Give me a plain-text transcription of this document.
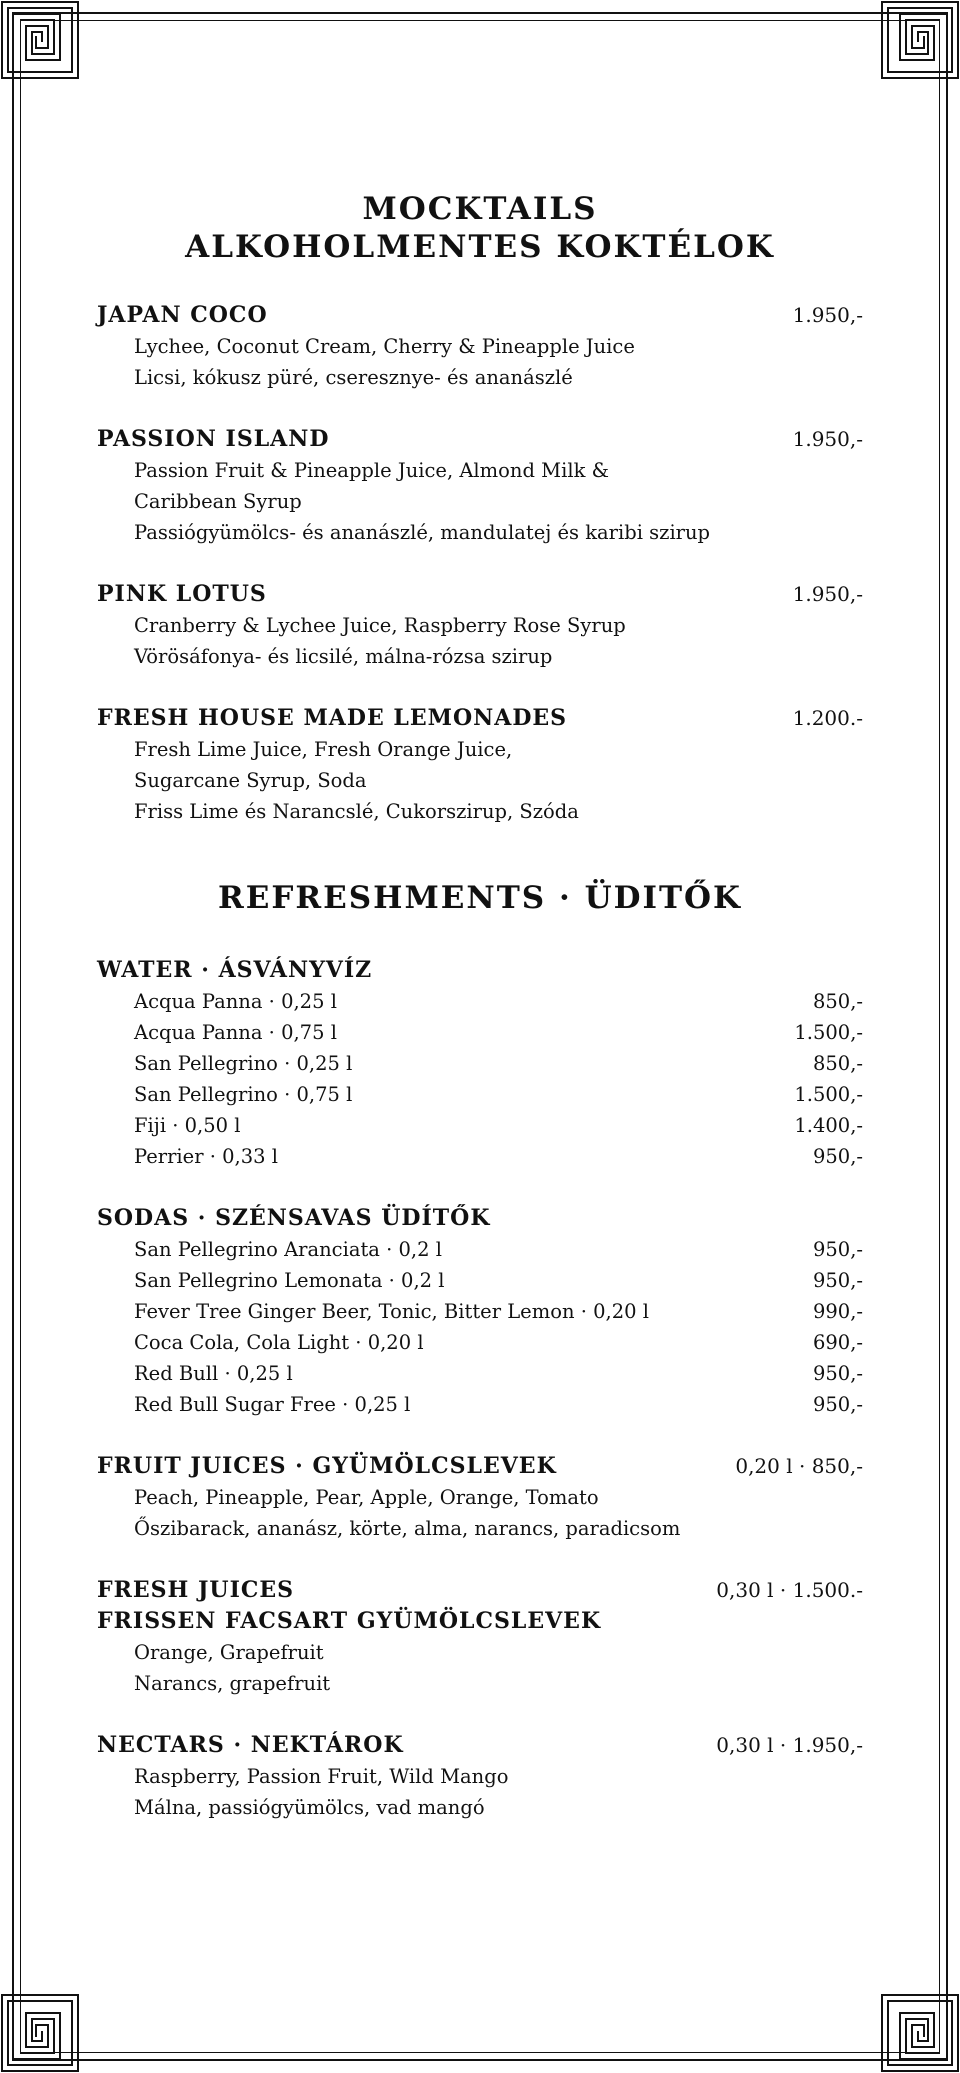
MOCKTAILS
ALKOHOLMENTES KOKTÉLOK
JAPAN COCO	1.950,-
Lychee, Coconut Cream, Cherry & Pineapple Juice
Licsi, kókusz püré, cseresznye- és ananászlé
PASSION ISLAND	1.950,-
Passion Fruit & Pineapple Juice, Almond Milk &
Caribbean Syrup
Passiógyümölcs- és ananászlé, mandulatej és karibi szirup
PINK LOTUS	1.950,-
Cranberry & Lychee Juice, Raspberry Rose Syrup
Vörösáfonya- és licsilé, málna-rózsa szirup
FRESH HOUSE MADE LEMONADES	1.200.-
Fresh Lime Juice, Fresh Orange Juice,
Sugarcane Syrup, Soda
Friss Lime és Narancslé, Cukorszirup, Szóda
REFRESHMENTS · ÜDITŐK
WATER · ÁSVÁNYVÍZ
Acqua Panna · 0,25 l	850,-
Acqua Panna · 0,75 l	1.500,-
San Pellegrino · 0,25 l	850,-
San Pellegrino · 0,75 l	1.500,-
Fiji · 0,50 l	1.400,-
Perrier · 0,33 l	950,-
SODAS · SZÉNSAVAS ÜDÍTŐK
San Pellegrino Aranciata · 0,2 l	950,-
San Pellegrino Lemonata · 0,2 l	950,-
Fever Tree Ginger Beer, Tonic, Bitter Lemon · 0,20 l	990,-
Coca Cola, Cola Light · 0,20 l	690,-
Red Bull · 0,25 l	950,-
Red Bull Sugar Free · 0,25 l	950,-
FRUIT JUICES · GYÜMÖLCSLEVEK	0,20 l · 850,-
Peach, Pineapple, Pear, Apple, Orange, Tomato
Őszibarack, ananász, körte, alma, narancs, paradicsom
FRESH JUICES	0,30 l · 1.500.-
FRISSEN FACSART GYÜMÖLCSLEVEK
Orange, Grapefruit
Narancs, grapefruit
NECTARS · NEKTÁROK	0,30 l · 1.950,-
Raspberry, Passion Fruit, Wild Mango
Málna, passiógyümölcs, vad mangó
